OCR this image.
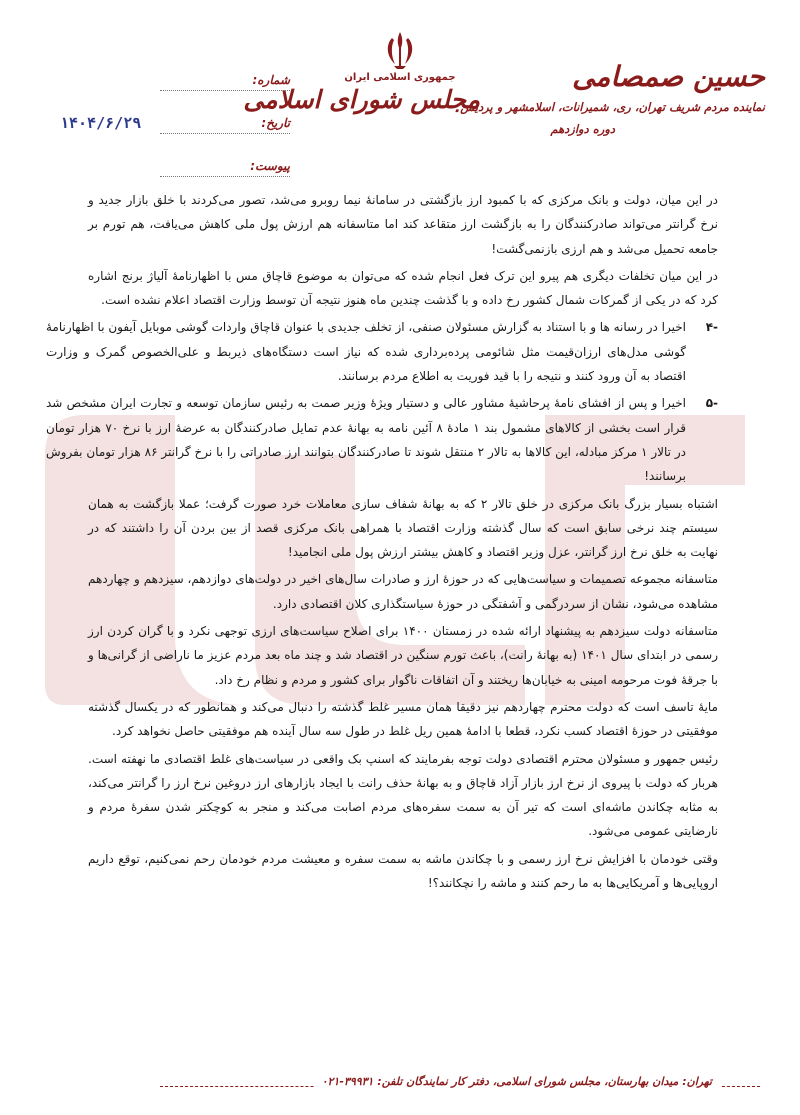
حسین صمصامی
نماینده مردم شریف تهران، ری، شمیرانات، اسلامشهر و پردیس
دوره دوازدهم
جمهوری اسلامی ایران
مجلس شورای اسلامی
شماره:
تاریخ:
۱۴۰۴/۶/۲۹
پیوست:

در این میان، دولت و بانک مرکزی که با کمبود ارز بازگشتی در سامانهٔ نیما روبرو می‌شد، تصور می‌کردند با خلق بازار جدید و نرخ گرانتر می‌تواند صادرکنندگان را به بازگشت ارز متقاعد کند اما متاسفانه هم ارزش پول ملی کاهش می‌یافت، هم تورم بر جامعه تحمیل می‌شد و هم ارزی بازنمی‌گشت!

در این میان تخلفات دیگری هم پیرو این ترک فعل انجام شده که می‌توان به موضوع قاچاق مس با اظهارنامهٔ آلیاژ برنج اشاره کرد که در یکی از گمرکات شمال کشور رخ داده و با گذشت چندین ماه هنوز نتیجه آن توسط وزارت اقتصاد اعلام نشده است.

-۴
اخیرا در رسانه ها و با استناد به گزارش مسئولان صنفی، از تخلف جدیدی با عنوان قاچاق واردات گوشی موبایل آیفون با اظهارنامهٔ گوشی مدل‌های ارزان‌قیمت مثل شائومی پرده‌برداری شده که نیاز است دستگاه‌های ذیربط و علی‌الخصوص گمرک و وزارت اقتصاد به آن ورود کنند و نتیجه را با قید فوریت به اطلاع مردم برسانند.
-۵
اخیرا و پس از افشای نامهٔ پرحاشیهٔ مشاور عالی و دستیار ویژهٔ وزیر صمت به رئیس سازمان توسعه و تجارت ایران مشخص شد قرار است بخشی از کالاهای مشمول بند ۱ مادهٔ ۸ آئین نامه به بهانهٔ عدم تمایل صادرکنندگان به عرضهٔ ارز با نرخ ۷۰ هزار تومان در تالار ۱ مرکز مبادله، این کالاها به تالار ۲ منتقل شوند تا صادرکنندگان بتوانند ارز صادراتی را با نرخ گرانتر ۸۶ هزار تومان بفروش برسانند!

اشتباه بسیار بزرگ بانک مرکزی در خلق تالار ۲ که به بهانهٔ شفاف سازی معاملات خرد صورت گرفت؛ عملا بازگشت به همان سیستم چند نرخی سابق است که سال گذشته وزارت اقتصاد با همراهی بانک مرکزی قصد از بین بردن آن را داشتند که در نهایت به خلق نرخ ارز گرانتر، عزل وزیر اقتصاد و کاهش بیشتر ارزش پول ملی انجامید!

متاسفانه مجموعه تصمیمات و سیاست‌هایی که در حوزهٔ ارز و صادرات سال‌های اخیر در دولت‌های دوازدهم، سیزدهم و چهاردهم مشاهده می‌شود، نشان از سردرگمی و آشفتگی در حوزهٔ سیاستگذاری کلان اقتصادی دارد.

متاسفانه دولت سیزدهم به پیشنهاد ارائه شده در زمستان ۱۴۰۰ برای اصلاح سیاست‌های ارزی توجهی نکرد و با گران کردن ارز رسمی در ابتدای سال ۱۴۰۱ (به بهانهٔ رانت)، باعث تورم سنگین در اقتصاد شد و چند ماه بعد مردم عزیز ما ناراضی از گرانی‌ها و با جرقهٔ فوت مرحومه امینی به خیابان‌ها ریختند و آن اتفاقات ناگوار برای کشور و مردم و نظام رخ داد.

مایهٔ تاسف است که دولت محترم چهاردهم نیز دقیقا همان مسیر غلط گذشته را دنبال می‌کند و همانطور که در یکسال گذشته موفقیتی در حوزهٔ اقتصاد کسب نکرد، قطعا با ادامهٔ همین ریل غلط در طول سه سال آینده هم موفقیتی حاصل نخواهد کرد.

رئیس جمهور و مسئولان محترم اقتصادی دولت توجه بفرمایند که اسنپ بک واقعی در سیاست‌های غلط اقتصادی ما نهفته است. هربار که دولت با پیروی از نرخ ارز بازار آزاد قاچاق و به بهانهٔ حذف رانت با ایجاد بازارهای ارز دروغین نرخ ارز را گرانتر می‌کند، به مثابه چکاندن ماشه‌ای است که تیر آن به سمت سفره‌های مردم اصابت می‌کند و منجر به کوچکتر شدن سفرهٔ مردم و نارضایتی عمومی می‌شود.

وقتی خودمان با افزایش نرخ ارز رسمی و با چکاندن ماشه به سمت سفره و معیشت مردم خودمان رحم نمی‌کنیم، توقع داریم اروپایی‌ها و آمریکایی‌ها به ما رحم کنند و ماشه را نچکانند؟!

تهران: میدان بهارستان، مجلس شورای اسلامی، دفتر کار نمایندگان تلفن: ۳۹۹۳۱-۰۲۱
